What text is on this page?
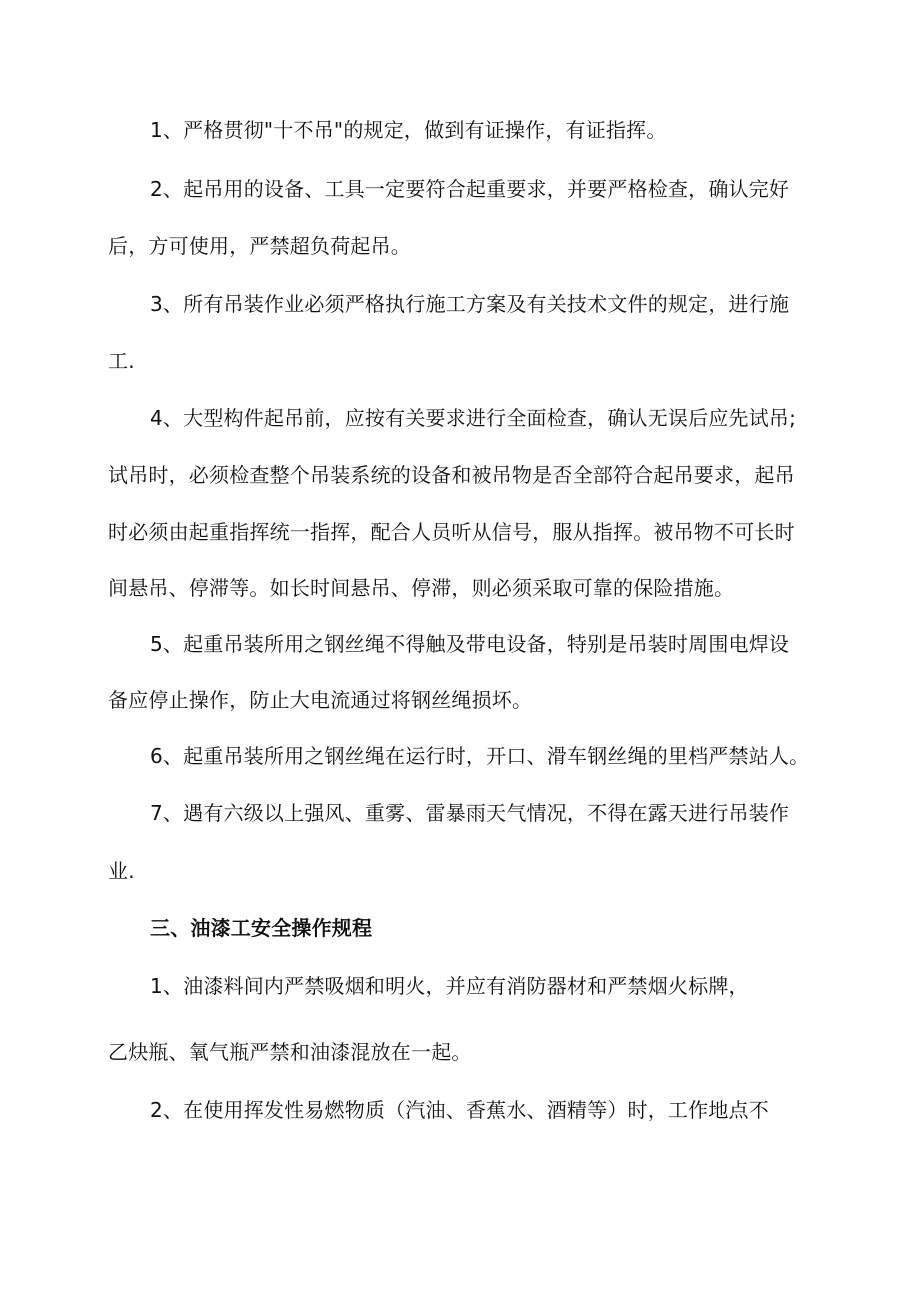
1、严格贯彻"十不吊"的规定，做到有证操作，有证指挥。
2、起吊用的设备、工具一定要符合起重要求，并要严格检查，确认完好
后，方可使用，严禁超负荷起吊。
3、所有吊装作业必须严格执行施工方案及有关技术文件的规定，进行施
工.
4、大型构件起吊前，应按有关要求进行全面检查，确认无误后应先试吊;
试吊时，必须检查整个吊装系统的设备和被吊物是否全部符合起吊要求，起吊
时必须由起重指挥统一指挥，配合人员听从信号，服从指挥。被吊物不可长时
间悬吊、停滞等。如长时间悬吊、停滞，则必须采取可靠的保险措施。
5、起重吊装所用之钢丝绳不得触及带电设备，特别是吊装时周围电焊设
备应停止操作，防止大电流通过将钢丝绳损坏。
6、起重吊装所用之钢丝绳在运行时，开口、滑车钢丝绳的里档严禁站人。
7、遇有六级以上强风、重雾、雷暴雨天气情况，不得在露天进行吊装作
业.
三、油漆工安全操作规程
1、油漆料间内严禁吸烟和明火，并应有消防器材和严禁烟火标牌，
乙炔瓶、氧气瓶严禁和油漆混放在一起。
2、在使用挥发性易燃物质（汽油、香蕉水、酒精等）时，工作地点不
